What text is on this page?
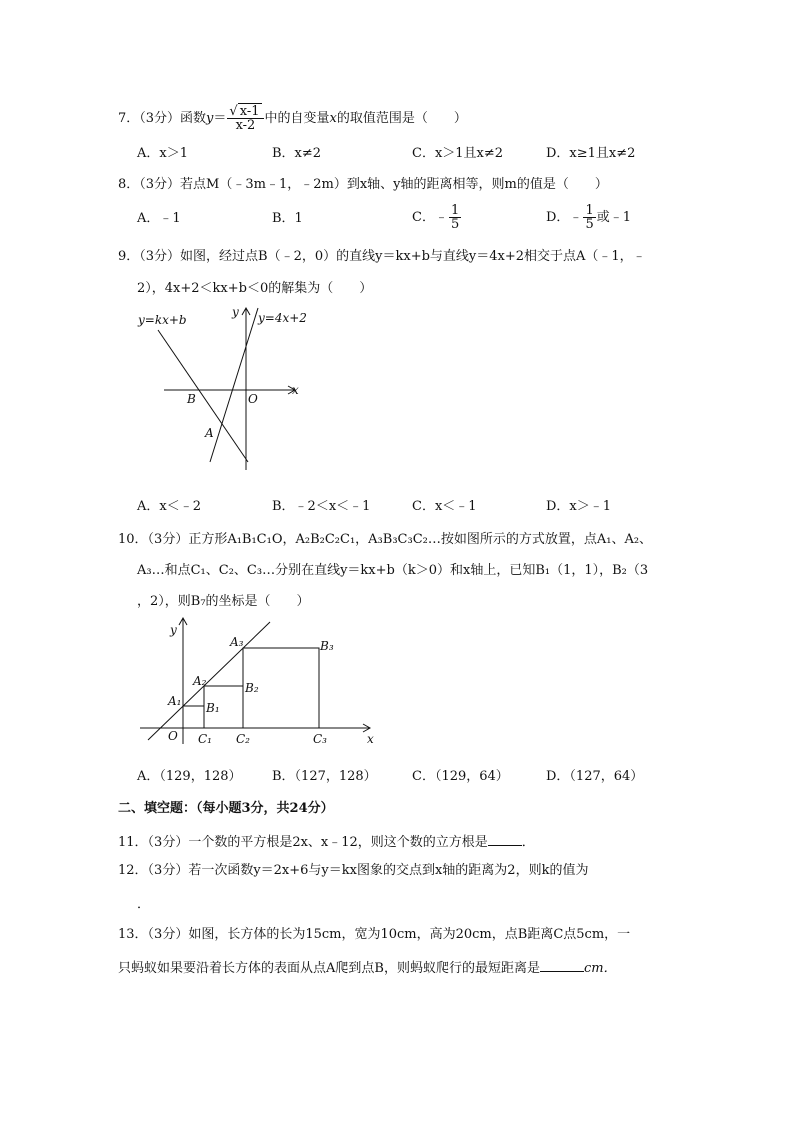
7．（3分）函数$y= \frac{√ x-1}{x-2}$ 中的自变量x的取值范围是（　　）
A．x＞1	B．x≠2	C．x＞1且x≠2	D．x≥1且x≠2
8．（3分）若点M（﹣3m﹣1，﹣2m）到x轴、y轴的距离相等，则m的值是（　　）
A．﹣1	B．1	C．﹣ $\frac{1}{5}$	D．﹣ $\frac{1}{5}$ 或﹣1
9．（3分）如图，经过点B（﹣2，0）的直线y＝kx+b与直线y＝4x+2相交于点A（﹣1，﹣
2），4x+2＜kx+b＜0的解集为（　　）
y=kx+b	y=4x+2
y
x
B	O
A
A．x＜﹣2	B．﹣2＜x＜﹣1	C．x＜﹣1	D．x＞﹣1
10．（3分）正方形A₁B₁C₁O，A₂B₂C₂C₁，A₃B₃C₃C₂…按如图所示的方式放置，点A₁、A₂、
A₃…和点C₁、C₂、C₃…分别在直线y＝kx+b（k＞0）和x轴上，已知B₁（1，1），B₂（3
，2），则B₇的坐标是（　　）
y
x
O
A₁ B₁
C₁
A₂	B₂
C₂
A₃	B₃
C₃
A．（129，128） B．（127，128）	C．（129，64）	D．（127，64）
二、填空题：（每小题3分，共24分）
11．（3分）一个数的平方根是2x、x﹣12，则这个数的立方根是	．
12．（3分）若一次函数y＝2x+6与y＝kx图象的交点到x轴的距离为2，则k的值为
．
13．（3分）如图，长方体的长为15cm，宽为10cm，高为20cm，点B距离C点5cm，一
只蚂蚁如果要沿着长方体的表面从点A爬到点B，则蚂蚁爬行的最短距离是	cm．
